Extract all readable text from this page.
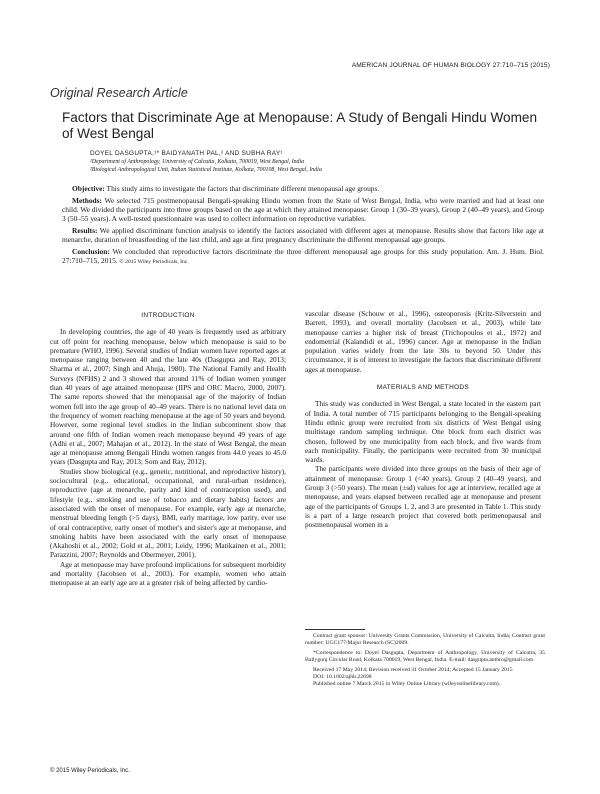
AMERICAN JOURNAL OF HUMAN BIOLOGY 27:710–715 (2015)
Original Research Article
Factors that Discriminate Age at Menopause: A Study of Bengali Hindu Women of West Bengal
DOYEL DASGUPTA,¹* BAIDYANATH PAL,² AND SUBHA RAY¹
¹Department of Anthropology, University of Calcutta, Kolkata, 700019, West Bengal, India
²Biological Anthropological Unit, Indian Statistical Institute, Kolkata, 700108, West Bengal, India

Objective: This study aims to investigate the factors that discriminate different menopausal age groups.

Methods: We selected 715 postmenopausal Bengali-speaking Hindu women from the State of West Bengal, India, who were married and had at least one child. We divided the participants into three groups based on the age at which they attained menopause: Group 1 (30–39 years), Group 2 (40–49 years), and Group 3 (50–55 years). A well-tested questionnaire was used to collect information on reproductive variables.

Results: We applied discriminant function analysis to identify the factors associated with different ages at menopause. Results show that factors like age at menarche, duration of breastfeeding of the last child, and age at first pregnancy discriminate the different menopausal age groups.

Conclusion: We concluded that reproductive factors discriminate the three different menopausal age groups for this study population. Am. J. Hum. Biol. 27:710–715, 2015. © 2015 Wiley Periodicals, Inc.

INTRODUCTION

In developing countries, the age of 40 years is frequently used as arbitrary cut off point for reaching menopause, below which menopause is said to be premature (WHO, 1996). Several studies of Indian women have reported ages at menopause ranging between 40 and the late 40s (Dasgupta and Ray, 2013; Sharma et al., 2007; Singh and Ahuja, 1980). The National Family and Health Surveys (NFHS) 2 and 3 showed that around 11% of Indian women younger than 40 years of age attained menopause (IIPS and ORC Macro, 2000, 2007). The same reports showed that the menopausal age of the majority of Indian women fell into the age group of 40–49 years. There is no national level data on the frequency of women reaching menopause at the age of 50 years and beyond. However, some regional level studies in the Indian subcontinent show that around one fifth of Indian women reach menopause beyond 49 years of age (Adhi et al., 2007; Mahajan et al., 2012). In the state of West Bengal, the mean age at menopause among Bengali Hindu women ranges from 44.0 years to 45.0 years (Dasgupta and Ray, 2013; Som and Ray, 2012).

Studies show biological (e.g., genetic, nutritional, and reproductive history), sociocultural (e.g., educational, occupational, and rural-urban residence), reproductive (age at menarche, parity and kind of contraception used), and lifestyle (e.g., smoking and use of tobacco and dietary habits) factors are associated with the onset of menopause. For example, early age at menarche, menstrual bleeding length (>5 days), BMI, early marriage, low parity, ever use of oral contraceptive, early onset of mother's and sister's age at menopause, and smoking habits have been associated with the early onset of menopause (Akahoshi et al., 2002; Gold et al., 2001; Leidy, 1996; Matikainen et al., 2001; Parazzini, 2007; Reynolds and Obermeyer, 2001).

Age at menopause may have profound implications for subsequent morbidity and mortality (Jacobsen et al., 2003). For example, women who attain menopause at an early age are at a greater risk of being affected by cardio-

vascular disease (Schouw et al., 1996), osteoporosis (Kritz-Silverstein and Barrett, 1993), and overall mortality (Jacobsen et al., 2003), while late menopause carries a higher risk of breast (Trichopoulos et al., 1972) and endometrial (Kalandidi et al., 1996) cancer. Age at menopause in the Indian population varies widely from the late 30s to beyond 50. Under this circumstance, it is of interest to investigate the factors that discriminate different ages at menopause.

MATERIALS AND METHODS

This study was conducted in West Bengal, a state located in the eastern part of India. A total number of 715 participants belonging to the Bengali-speaking Hindu ethnic group were recruited from six districts of West Bengal using multistage random sampling technique. One block from each district was chosen, followed by one municipality from each block, and five wards from each municipality. Finally, the participants were recruited from 30 municipal wards.

The participants were divided into three groups on the basis of their age of attainment of menopause: Group 1 (<40 years), Group 2 (40–49 years), and Group 3 (>50 years). The mean (±sd) values for age at interview, recalled age at menopause, and years elapsed between recalled age at menopause and present age of the participants of Groups 1, 2, and 3 are presented in Table 1. This study is a part of a large research project that covered both perimenopausal and postmenopausal women in a

Contract grant sponsor: University Grants Commission, University of Calcutta, India; Contract grant number: UGC177/Major Research (SC)2009.

*Correspondence to: Doyel Dasgupta, Department of Anthropology, University of Calcutta, 35 Ballygunj Circular Road, Kolkata 700019, West Bengal, India. E-mail: dasgupta.anthro@gmail.com

Received 17 May 2014; Revision received 31 October 2014; Accepted 15 January 2015

DOI: 10.1002/ajhb.22698

Published online 7 March 2015 in Wiley Online Library (wileyonlinelibrary.com).

© 2015 Wiley Periodicals, Inc.
